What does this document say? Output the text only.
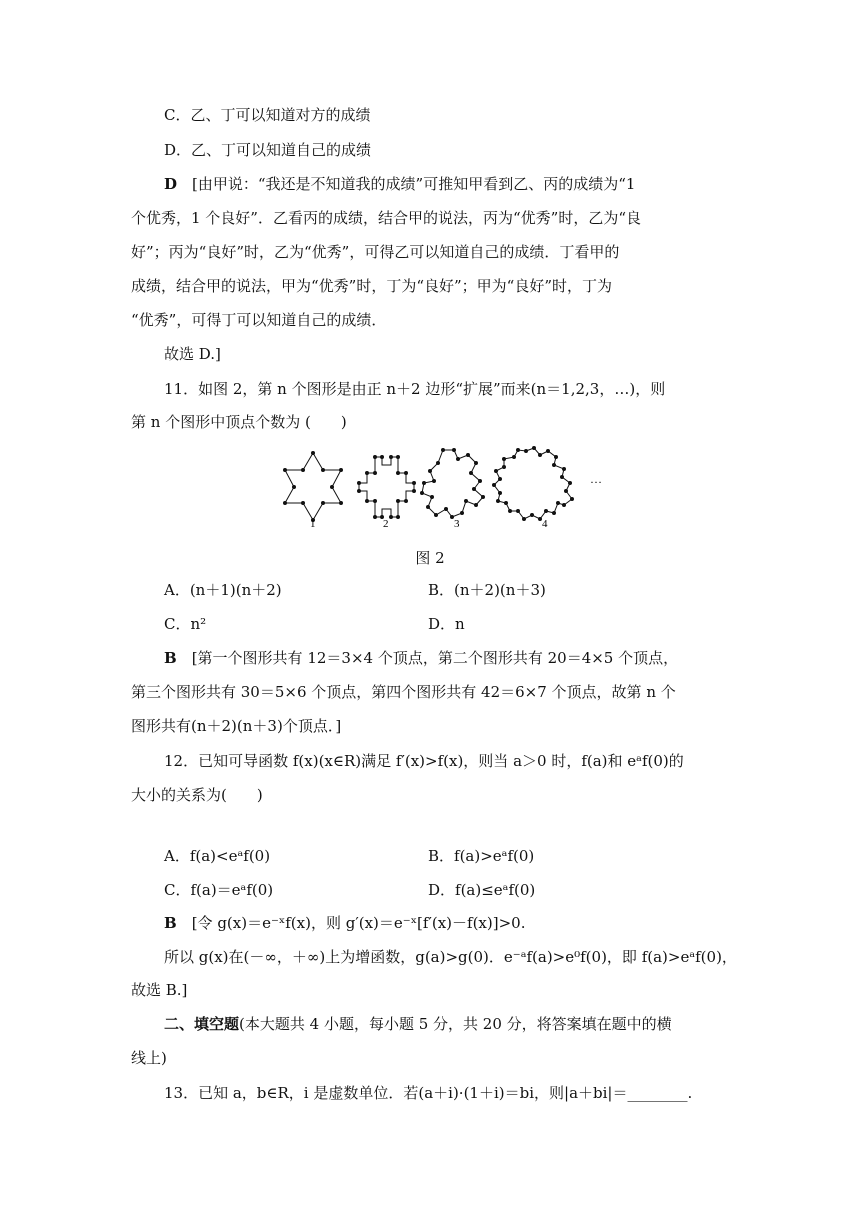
C．乙、丁可以知道对方的成绩
D．乙、丁可以知道自己的成绩
D　 [由甲说：“我还是不知道我的成绩”可推知甲看到乙、丙的成绩为“1
个优秀，1 个良好”．乙看丙的成绩，结合甲的说法，丙为“优秀”时，乙为“良
好”；丙为“良好”时，乙为“优秀”，可得乙可以知道自己的成绩．丁看甲的
成绩，结合甲的说法，甲为“优秀”时，丁为“良好”；甲为“良好”时，丁为
“优秀”，可得丁可以知道自己的成绩．
故选 D.]
11．如图 2，第 n 个图形是由正 n＋2 边形“扩展”而来(n＝1,2,3，…)，则
第 n 个图形中顶点个数为 (　　)
1	2	3	4
…
图 2
A．(n＋1)(n＋2)	B．(n＋2)(n＋3)
C．n²	D．n
B　 [第一个图形共有 12＝3×4 个顶点，第二个图形共有 20＝4×5 个顶点，
第三个图形共有 30＝5×6 个顶点，第四个图形共有 42＝6×7 个顶点，故第 n 个
图形共有(n＋2)(n＋3)个顶点．]
12．已知可导函数 f(x)(x∈R)满足 f′(x)>f(x)，则当 a＞0 时，f(a)和 eᵃf(0)的
大小的关系为(　　)
A．f(a)<eᵃf(0)	B．f(a)>eᵃf(0)
C．f(a)＝eᵃf(0)	D．f(a)≤eᵃf(0)
B　 [令 g(x)＝e⁻ˣf(x)，则 g′(x)＝e⁻ˣ[f′(x)－f(x)]>0.
所以 g(x)在(－∞，＋∞)上为增函数，g(a)>g(0)．e⁻ᵃf(a)>e⁰f(0)，即 f(a)>eᵃf(0)，
故选 B.]
二、填空题(本大题共 4 小题，每小题 5 分，共 20 分，将答案填在题中的横
线上)
13．已知 a，b∈R，i 是虚数单位．若(a＋i)·(1＋i)＝bi，则|a＋bi|＝________.
